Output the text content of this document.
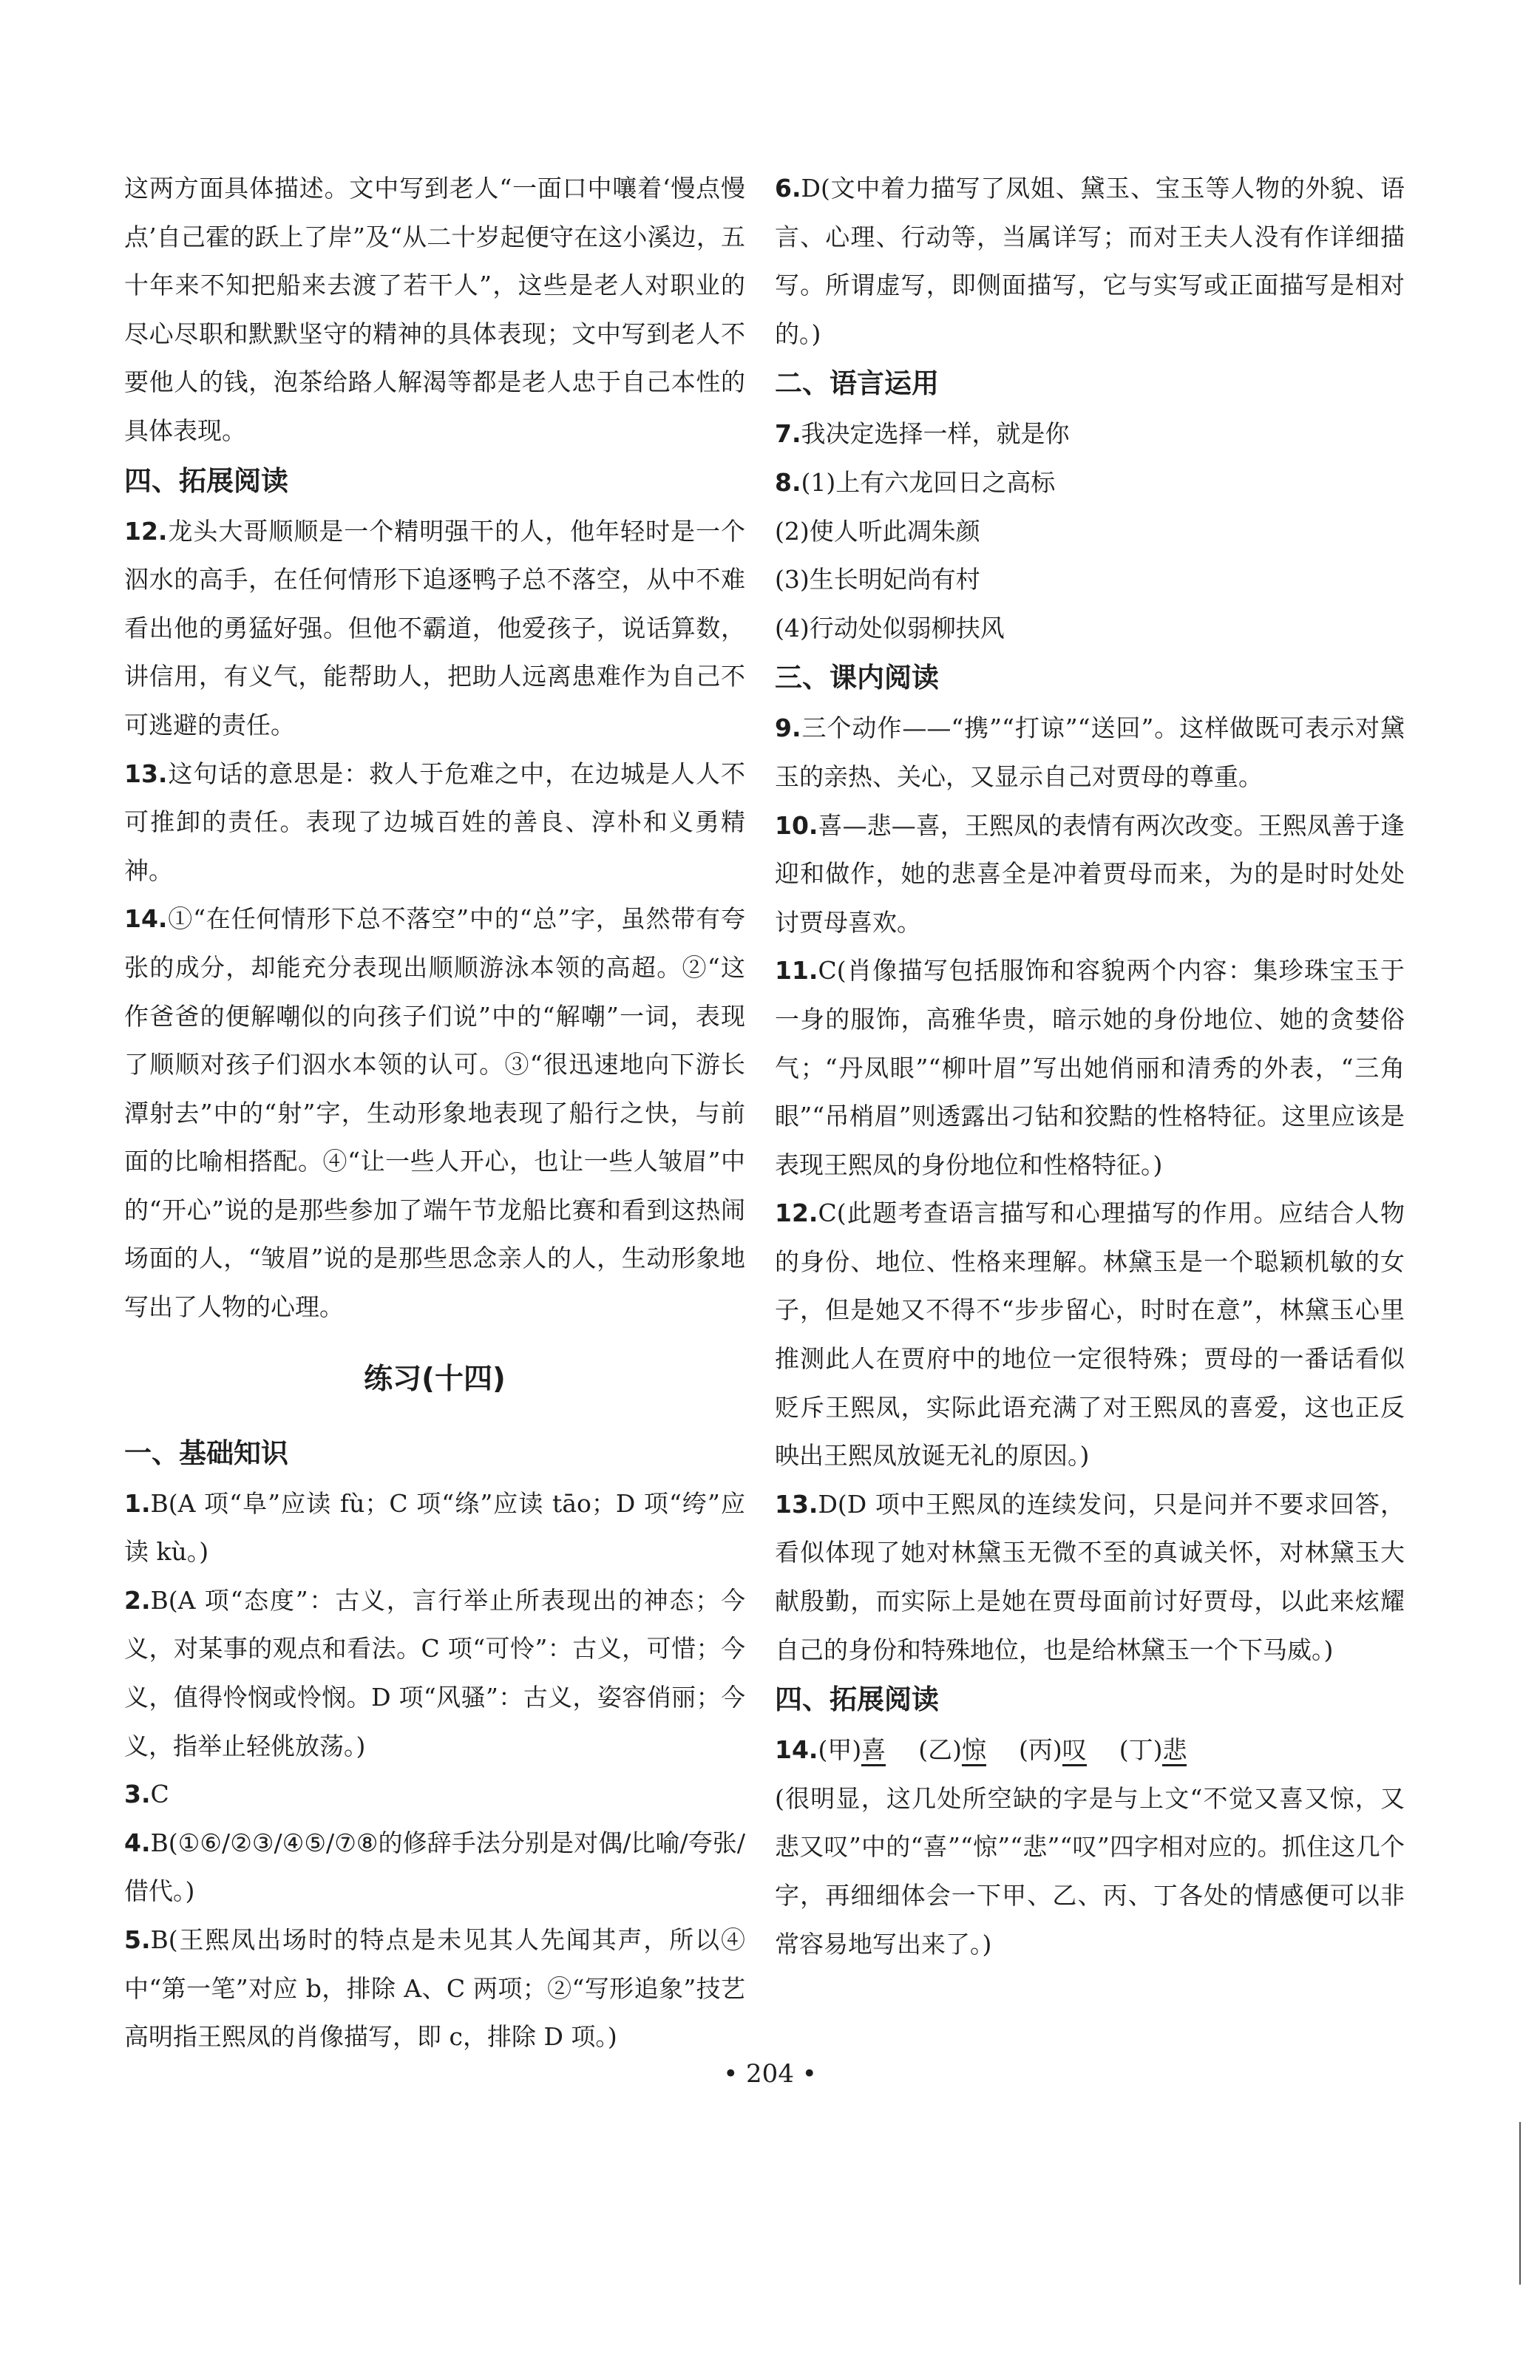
这两方面具体描述。文中写到老人“一面口中嚷着‘慢点慢点’自己霍的跃上了岸”及“从二十岁起便守在这小溪边，五十年来不知把船来去渡了若干人”，这些是老人对职业的尽心尽职和默默坚守的精神的具体表现；文中写到老人不要他人的钱，泡茶给路人解渴等都是老人忠于自己本性的具体表现。

四、拓展阅读

12.龙头大哥顺顺是一个精明强干的人，他年轻时是一个泅水的高手，在任何情形下追逐鸭子总不落空，从中不难看出他的勇猛好强。但他不霸道，他爱孩子，说话算数，讲信用，有义气，能帮助人，把助人远离患难作为自己不可逃避的责任。

13.这句话的意思是：救人于危难之中，在边城是人人不可推卸的责任。表现了边城百姓的善良、淳朴和义勇精神。

14.①“在任何情形下总不落空”中的“总”字，虽然带有夸张的成分，却能充分表现出顺顺游泳本领的高超。②“这作爸爸的便解嘲似的向孩子们说”中的“解嘲”一词，表现了顺顺对孩子们泅水本领的认可。③“很迅速地向下游长潭射去”中的“射”字，生动形象地表现了船行之快，与前面的比喻相搭配。④“让一些人开心，也让一些人皱眉”中的“开心”说的是那些参加了端午节龙船比赛和看到这热闹场面的人，“皱眉”说的是那些思念亲人的人，生动形象地写出了人物的心理。

练习(十四)
一、基础知识

1.B(A 项“阜”应读 fù；C 项“绦”应读 tāo；D 项“绔”应读 kù。)

2.B(A 项“态度”：古义，言行举止所表现出的神态；今义，对某事的观点和看法。C 项“可怜”：古义，可惜；今义，值得怜悯或怜悯。D 项“风骚”：古义，姿容俏丽；今义，指举止轻佻放荡。)

3.C

4.B(①⑥/②③/④⑤/⑦⑧的修辞手法分别是对偶/比喻/夸张/借代。)

5.B(王熙凤出场时的特点是未见其人先闻其声，所以④中“第一笔”对应 b，排除 A、C 两项；②“写形追象”技艺高明指王熙凤的肖像描写，即 c，排除 D 项。)

6.D(文中着力描写了凤姐、黛玉、宝玉等人物的外貌、语言、心理、行动等，当属详写；而对王夫人没有作详细描写。所谓虚写，即侧面描写，它与实写或正面描写是相对的。)

二、语言运用

7.我决定选择一样，就是你

8.(1)上有六龙回日之高标

(2)使人听此凋朱颜

(3)生长明妃尚有村

(4)行动处似弱柳扶风

三、课内阅读

9.三个动作——“携”“打谅”“送回”。这样做既可表示对黛玉的亲热、关心，又显示自己对贾母的尊重。

10.喜—悲—喜，王熙凤的表情有两次改变。王熙凤善于逢迎和做作，她的悲喜全是冲着贾母而来，为的是时时处处讨贾母喜欢。

11.C(肖像描写包括服饰和容貌两个内容：集珍珠宝玉于一身的服饰，高雅华贵，暗示她的身份地位、她的贪婪俗气；“丹凤眼”“柳叶眉”写出她俏丽和清秀的外表，“三角眼”“吊梢眉”则透露出刁钻和狡黠的性格特征。这里应该是表现王熙凤的身份地位和性格特征。)

12.C(此题考查语言描写和心理描写的作用。应结合人物的身份、地位、性格来理解。林黛玉是一个聪颖机敏的女子，但是她又不得不“步步留心，时时在意”，林黛玉心里推测此人在贾府中的地位一定很特殊；贾母的一番话看似贬斥王熙凤，实际此语充满了对王熙凤的喜爱，这也正反映出王熙凤放诞无礼的原因。)

13.D(D 项中王熙凤的连续发问，只是问并不要求回答，看似体现了她对林黛玉无微不至的真诚关怀，对林黛玉大献殷勤，而实际上是她在贾母面前讨好贾母，以此来炫耀自己的身份和特殊地位，也是给林黛玉一个下马威。)

四、拓展阅读

14.(甲)喜 (乙)惊 (丙)叹 (丁)悲

(很明显，这几处所空缺的字是与上文“不觉又喜又惊，又悲又叹”中的“喜”“惊”“悲”“叹”四字相对应的。抓住这几个字，再细细体会一下甲、乙、丙、丁各处的情感便可以非常容易地写出来了。)

• 204 •
